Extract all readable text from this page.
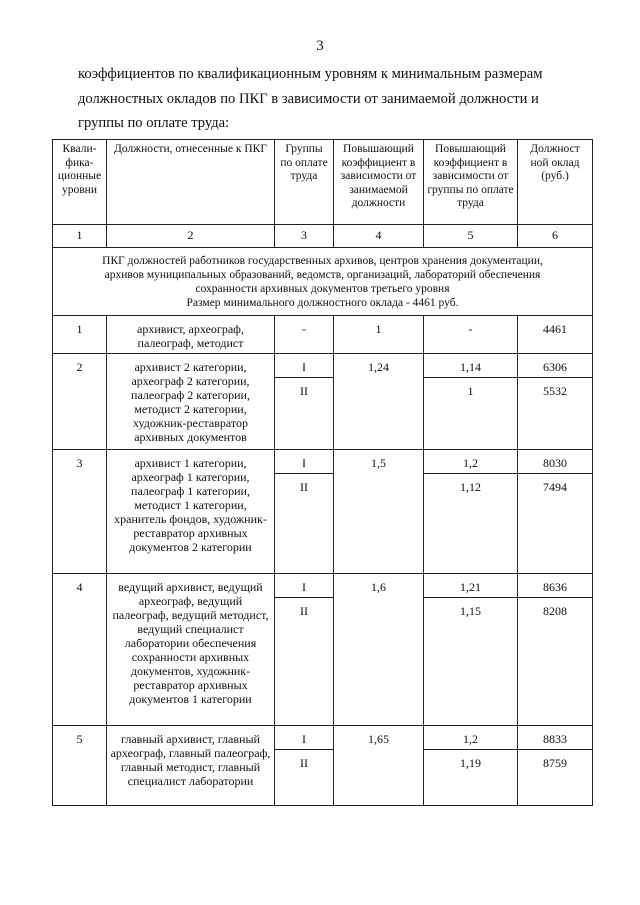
3

коэффициентов по квалификационным уровням к минимальным размерам
должностных окладов по ПКГ в зависимости от занимаемой должности и
группы по оплате труда:

Квали-фика-ционные уровни	Должности, отнесенные к ПКГ	Группы по оплате труда	Повышающий коэффициент в зависимости от занимаемой должности	Повышающий коэффициент в зависимости от группы по оплате труда	Должност ной оклад (руб.)
1	2	3	4	5	6

ПКГ должностей работников государственных архивов, центров хранения документации,
архивов муниципальных образований, ведомств, организаций, лабораторий обеспечения
сохранности архивных документов третьего уровня
Размер минимального должностного оклада - 4461 руб.					

1	архивист, археограф, палеограф, методист	-	1	-	4461
2	архивист 2 категории, археограф 2 категории, палеограф 2 категории, методист 2 категории, художник-реставратор архивных документов	I	1,24	1,14	6306
		II		1	5532
3	архивист 1 категории, археограф 1 категории, палеограф 1 категории, методист 1 категории, хранитель фондов, художник-реставратор архивных документов 2 категории	I	1,5	1,2	8030
		II		1,12	7494
4	ведущий архивист, ведущий археограф, ведущий палеограф, ведущий методист, ведущий специалист лаборатории обеспечения сохранности архивных документов, художник-реставратор архивных документов 1 категории	I	1,6	1,21	8636
		II		1,15	8208
5	главный архивист, главный археограф, главный палеограф, главный методист, главный специалист лаборатории	I	1,65	1,2	8833
		II		1,19	8759
